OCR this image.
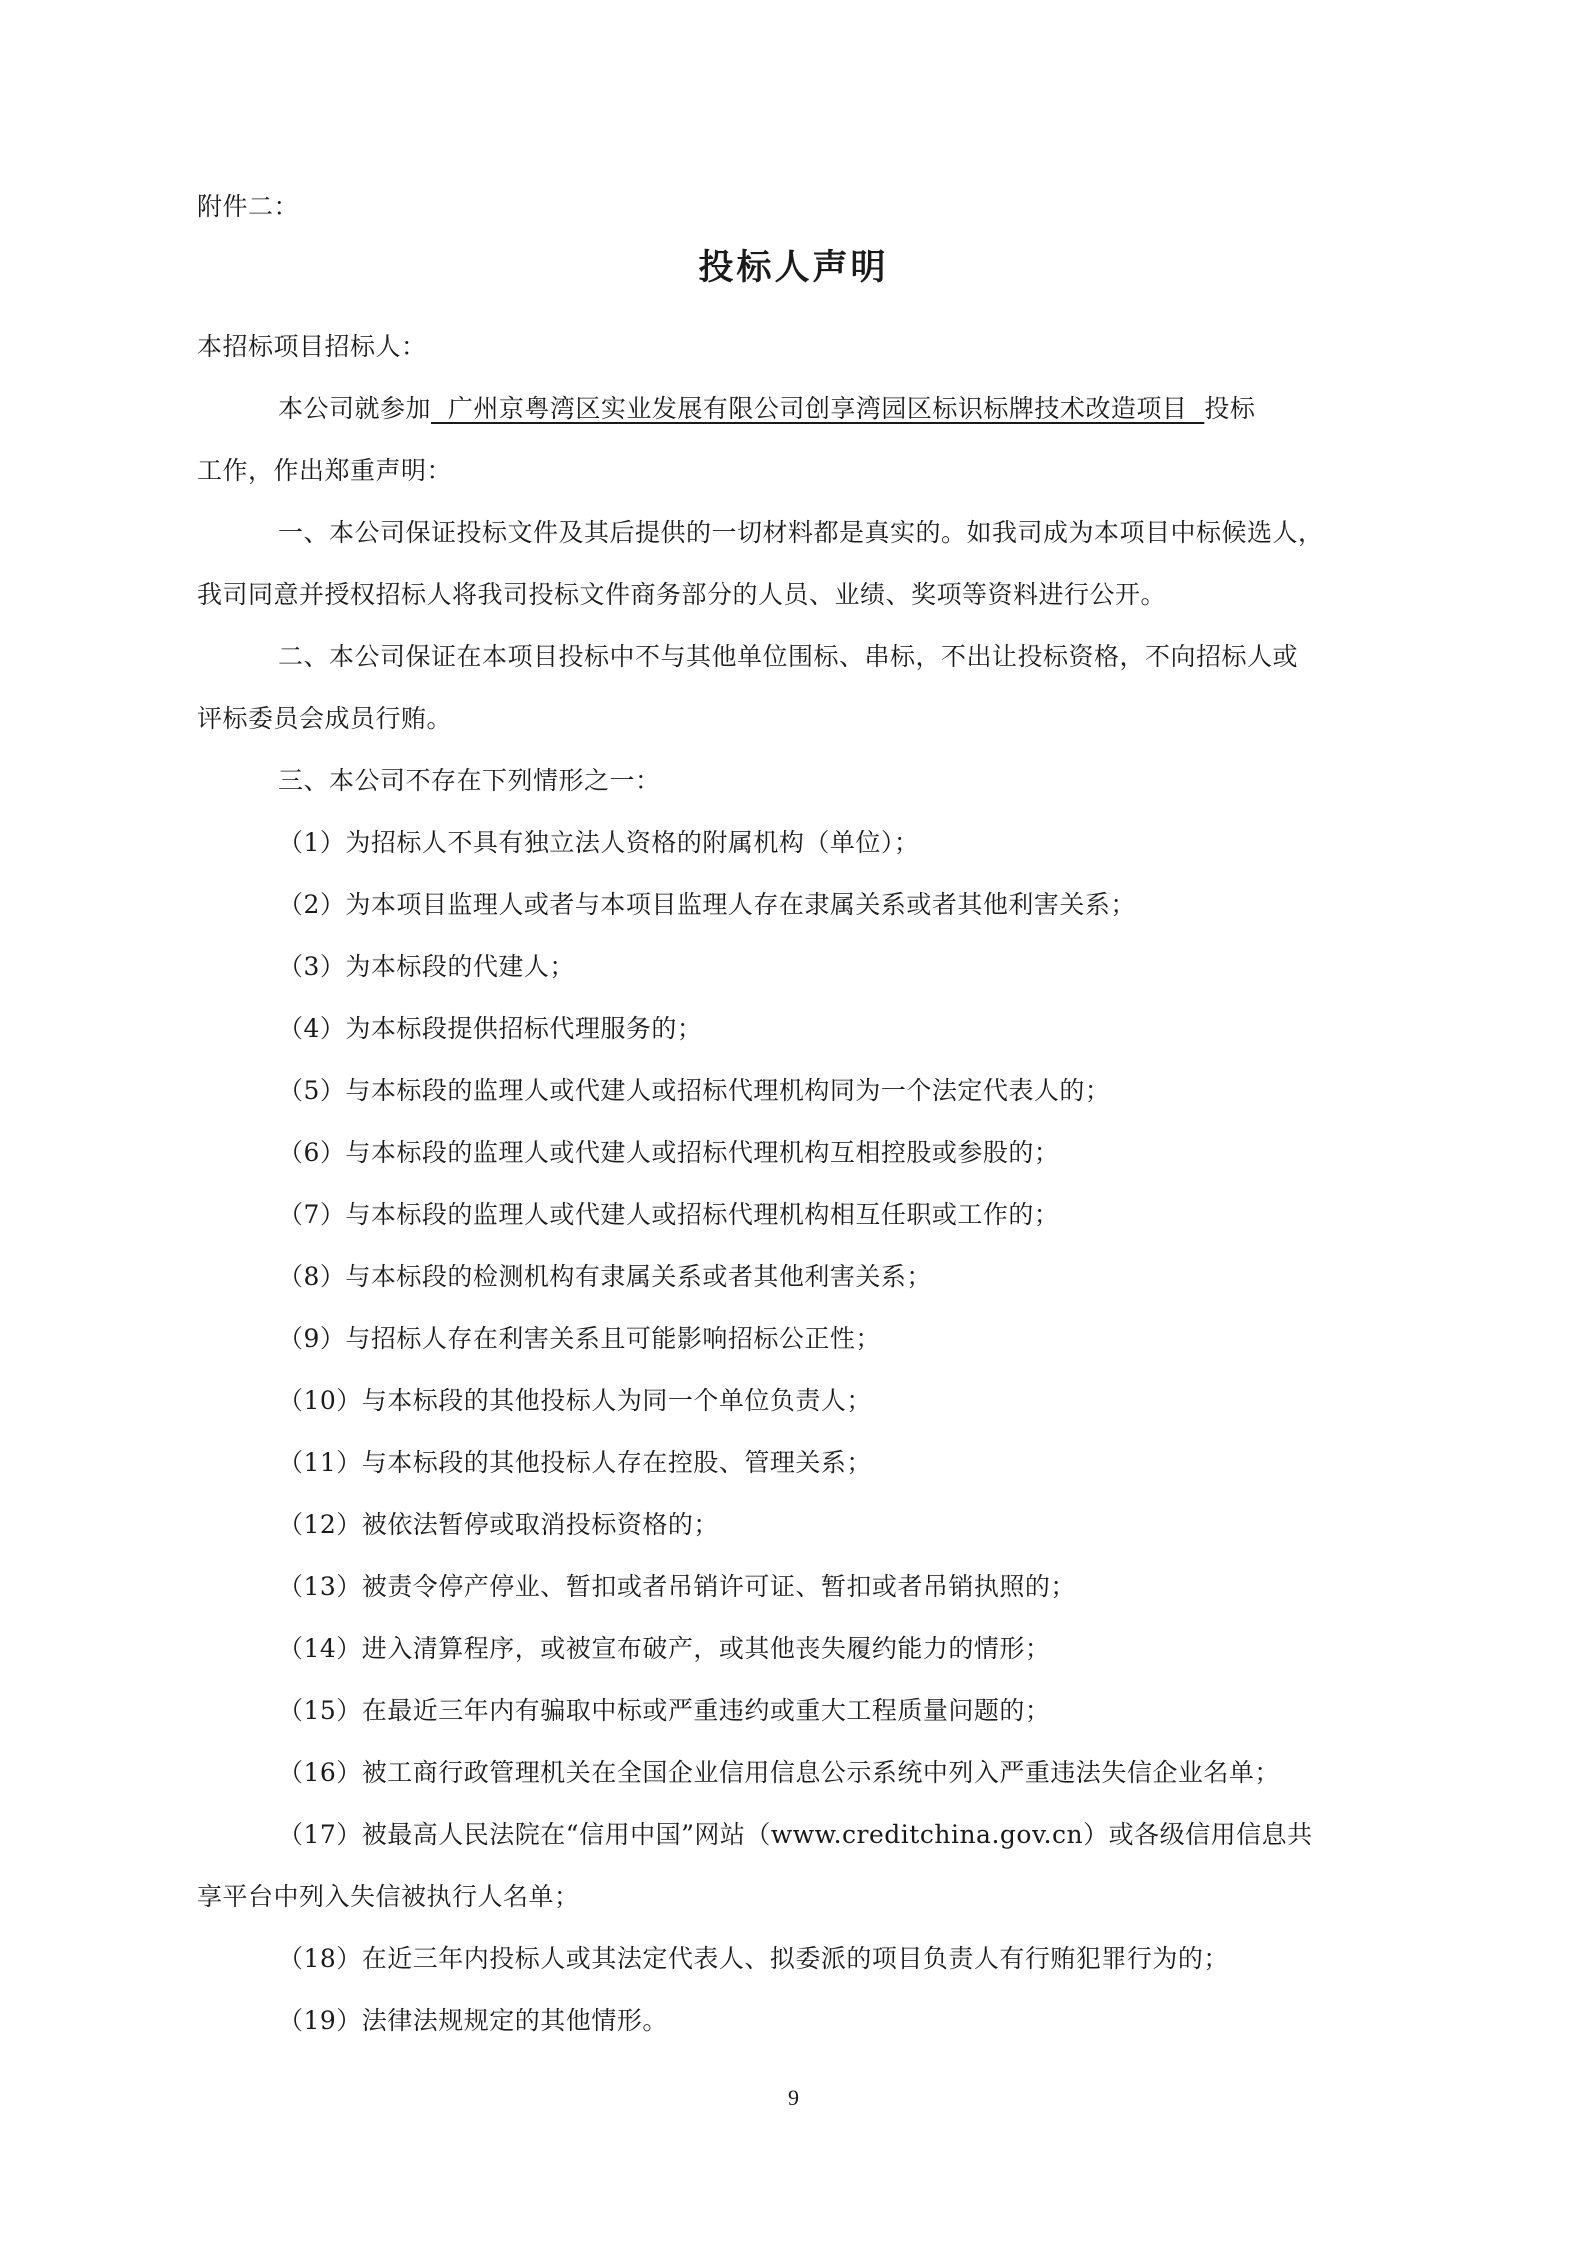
附件二：
投标人声明
本招标项目招标人：
本公司就参加  广州京粤湾区实业发展有限公司创享湾园区标识标牌技术改造项目  投标
工作，作出郑重声明：
一、本公司保证投标文件及其后提供的一切材料都是真实的。如我司成为本项目中标候选人，
我司同意并授权招标人将我司投标文件商务部分的人员、业绩、奖项等资料进行公开。
二、本公司保证在本项目投标中不与其他单位围标、串标，不出让投标资格，不向招标人或
评标委员会成员行贿。
三、本公司不存在下列情形之一：
（1）为招标人不具有独立法人资格的附属机构（单位）；
（2）为本项目监理人或者与本项目监理人存在隶属关系或者其他利害关系；
（3）为本标段的代建人；
（4）为本标段提供招标代理服务的；
（5）与本标段的监理人或代建人或招标代理机构同为一个法定代表人的；
（6）与本标段的监理人或代建人或招标代理机构互相控股或参股的；
（7）与本标段的监理人或代建人或招标代理机构相互任职或工作的；
（8）与本标段的检测机构有隶属关系或者其他利害关系；
（9）与招标人存在利害关系且可能影响招标公正性；
（10）与本标段的其他投标人为同一个单位负责人；
（11）与本标段的其他投标人存在控股、管理关系；
（12）被依法暂停或取消投标资格的；
（13）被责令停产停业、暂扣或者吊销许可证、暂扣或者吊销执照的；
（14）进入清算程序，或被宣布破产，或其他丧失履约能力的情形；
（15）在最近三年内有骗取中标或严重违约或重大工程质量问题的；
（16）被工商行政管理机关在全国企业信用信息公示系统中列入严重违法失信企业名单；
（17）被最高人民法院在“信用中国”网站（www.creditchina.gov.cn）或各级信用信息共
享平台中列入失信被执行人名单；
（18）在近三年内投标人或其法定代表人、拟委派的项目负责人有行贿犯罪行为的；
（19）法律法规规定的其他情形。
9
